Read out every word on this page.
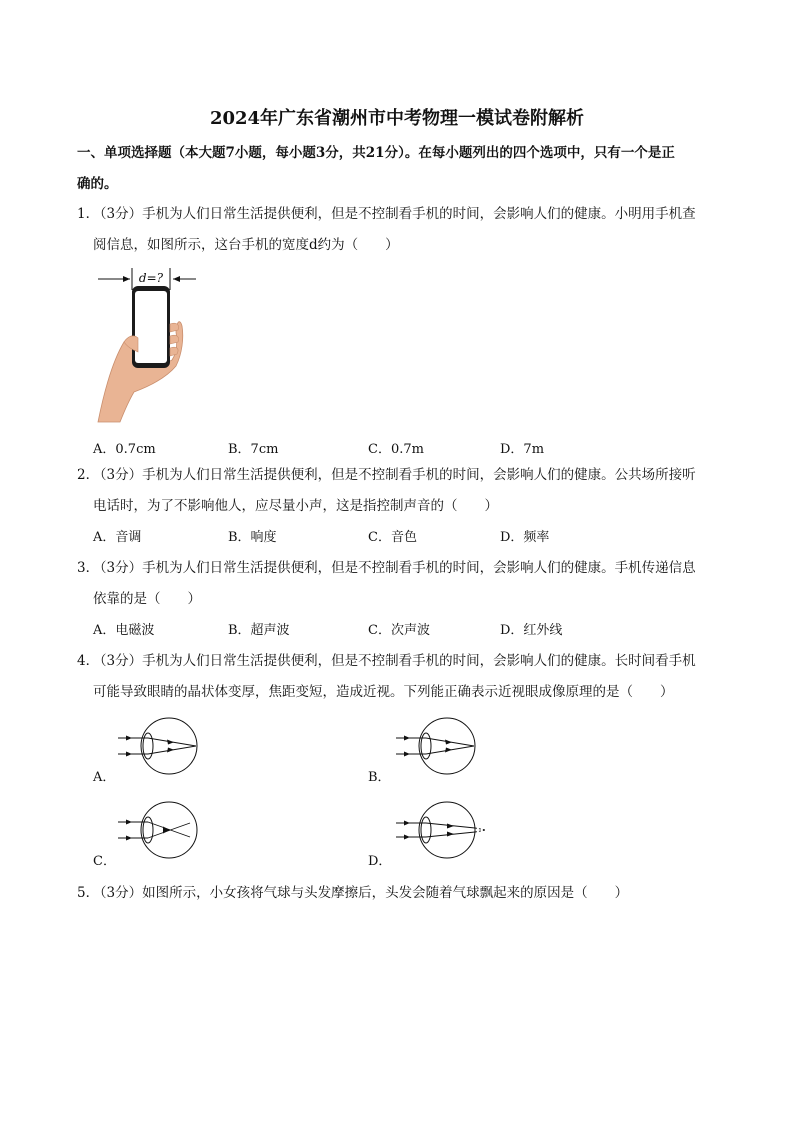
2024年广东省潮州市中考物理一模试卷附解析
一、单项选择题（本大题7小题，每小题3分，共21分）。在每小题列出的四个选项中，只有一个是正
确的。
1．
（3分）手机为人们日常生活提供便利，但是不控制看手机的时间，会影响人们的健康。小明用手机查
阅信息，如图所示，这台手机的宽度d约为（　　）
d=?
A．0.7cm	B．7cm	C．0.7m	D．7m
2．
（3分）手机为人们日常生活提供便利，但是不控制看手机的时间，会影响人们的健康。公共场所接听
电话时，为了不影响他人，应尽量小声，这是指控制声音的（　　）
A．音调	B．响度	C．音色	D．频率
3．
（3分）手机为人们日常生活提供便利，但是不控制看手机的时间，会影响人们的健康。手机传递信息
依靠的是（　　）
A．电磁波	B．超声波	C．次声波	D．红外线
4．
（3分）手机为人们日常生活提供便利，但是不控制看手机的时间，会影响人们的健康。长时间看手机
可能导致眼睛的晶状体变厚，焦距变短，造成近视。下列能正确表示近视眼成像原理的是（　　）
A．	B．
C．	D．
5．
（3分）如图所示，小女孩将气球与头发摩擦后，头发会随着气球飘起来的原因是（　　）
